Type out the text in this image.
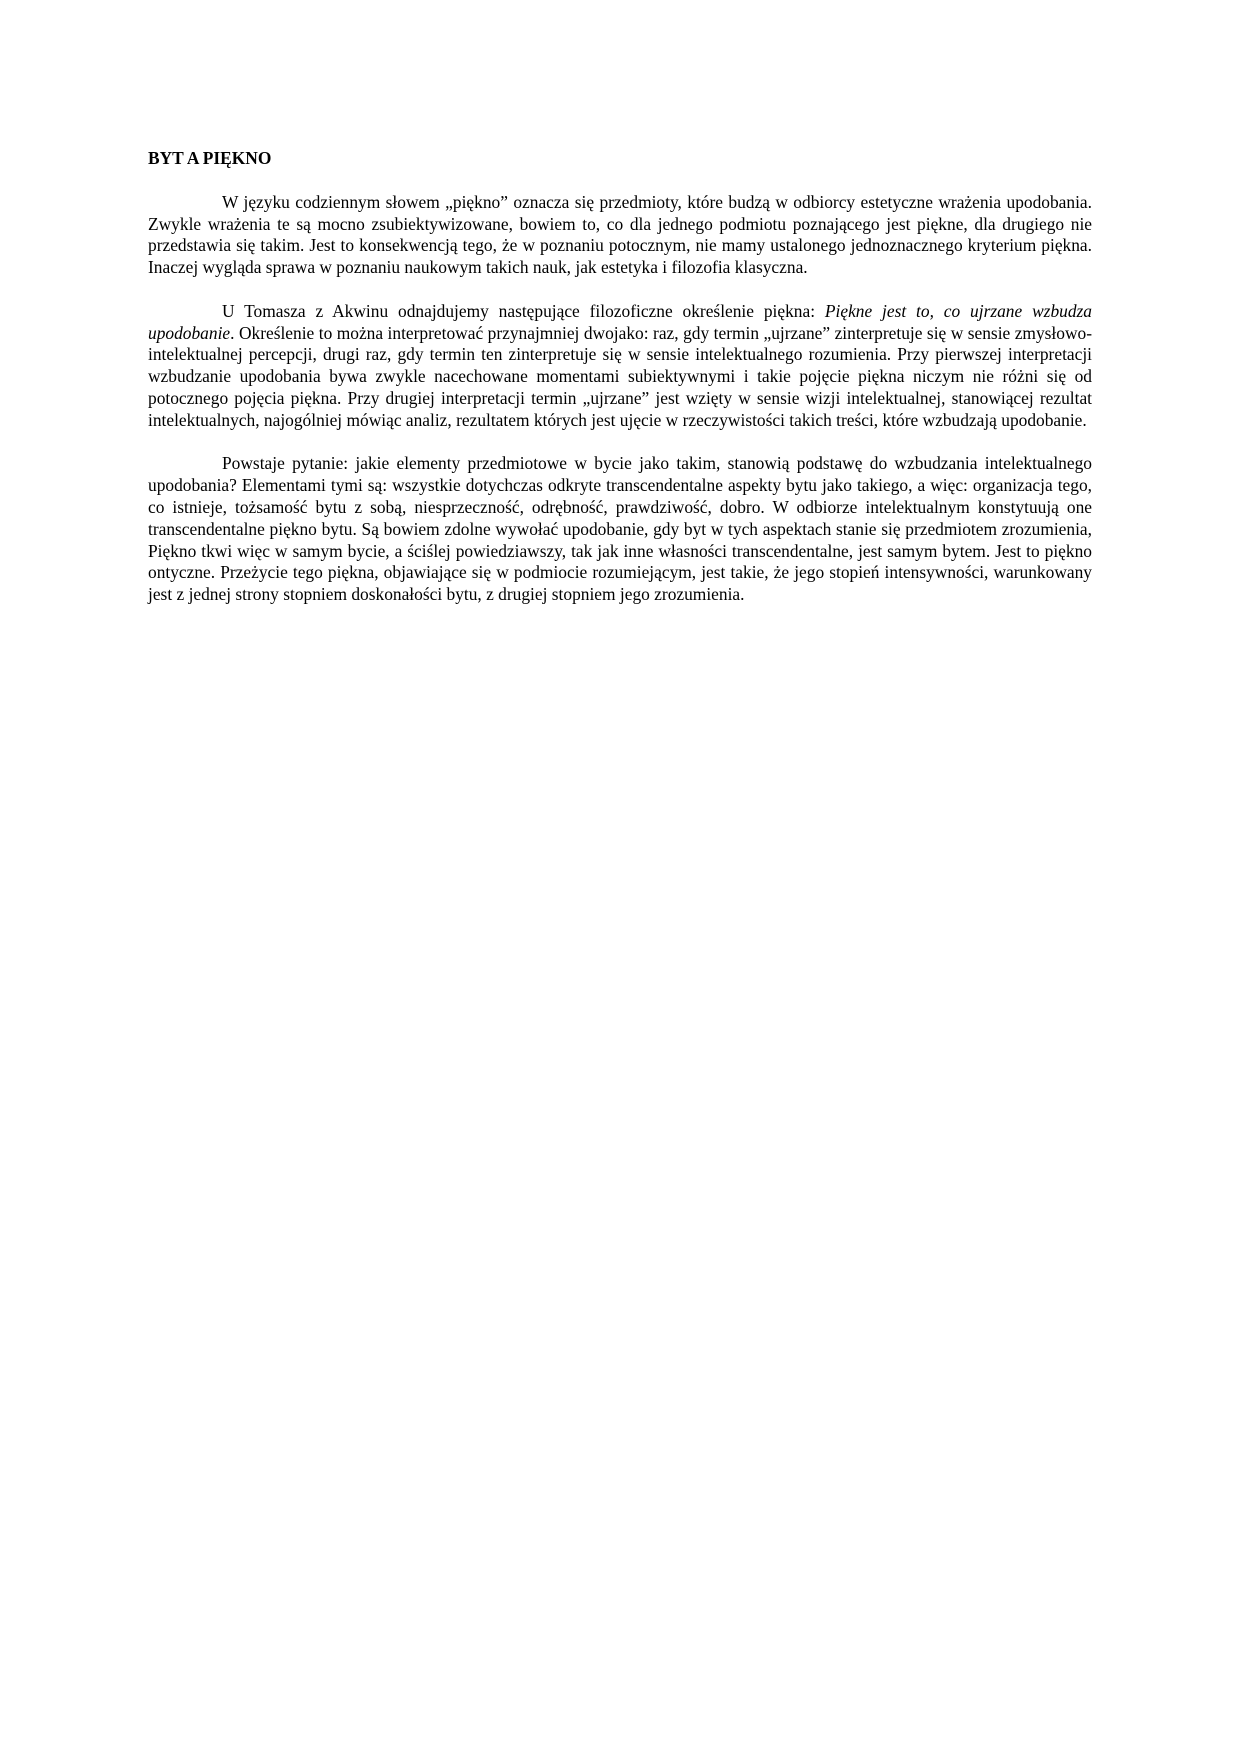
BYT A PIĘKNO

W języku codziennym słowem „piękno” oznacza się przedmioty, które budzą w odbiorcy estetyczne wrażenia upodobania. Zwykle wrażenia te są mocno zsubiektywizowane, bowiem to, co dla jednego podmiotu poznającego jest piękne, dla drugiego nie przedstawia się takim. Jest to konsekwencją tego, że w poznaniu potocznym, nie mamy ustalonego jednoznacznego kryterium piękna. Inaczej wygląda sprawa w poznaniu naukowym takich nauk, jak estetyka i filozofia klasyczna.

U Tomasza z Akwinu odnajdujemy następujące filozoficzne określenie piękna: Piękne jest to, co ujrzane wzbudza upodobanie. Określenie to można interpretować przynajmniej dwojako: raz, gdy termin „ujrzane” zinterpretuje się w sensie zmysłowo-intelektualnej percepcji, drugi raz, gdy termin ten zinterpretuje się w sensie intelektualnego rozumienia. Przy pierwszej interpretacji wzbudzanie upodobania bywa zwykle nacechowane momentami subiektywnymi i takie pojęcie piękna niczym nie różni się od potocznego pojęcia piękna. Przy drugiej interpretacji termin „ujrzane” jest wzięty w sensie wizji intelektualnej, stanowiącej rezultat intelektualnych, najogólniej mówiąc analiz, rezultatem których jest ujęcie w rzeczywistości takich treści, które wzbudzają upodobanie.

Powstaje pytanie: jakie elementy przedmiotowe w bycie jako takim, stanowią podstawę do wzbudzania intelektualnego upodobania? Elementami tymi są: wszystkie dotychczas odkryte transcendentalne aspekty bytu jako takiego, a więc: organizacja tego, co istnieje, tożsamość bytu z sobą, niesprzeczność, odrębność, prawdziwość, dobro. W odbiorze intelektualnym konstytuują one transcendentalne piękno bytu. Są bowiem zdolne wywołać upodobanie, gdy byt w tych aspektach stanie się przedmiotem zrozumienia, Piękno tkwi więc w samym bycie, a ściślej powiedziawszy, tak jak inne własności transcendentalne, jest samym bytem. Jest to piękno ontyczne. Przeżycie tego piękna, objawiające się w podmiocie rozumiejącym, jest takie, że jego stopień intensywności, warunkowany jest z jednej strony stopniem doskonałości bytu, z drugiej stopniem jego zrozumienia.
